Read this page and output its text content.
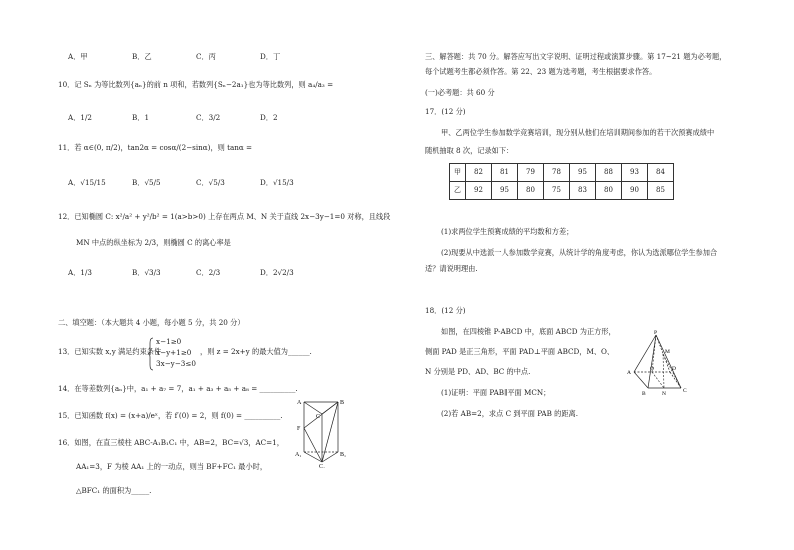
A．甲	B．乙	C．丙	D．丁
10．记 Sₙ 为等比数列{aₙ}的前 n 项和，若数列{Sₙ−2a₁}也为等比数列，则 a₄/a₃ =
A．1/2	B．1	C．3/2	D．2
11．若 α∈(0, π/2)，tan2α = cosα/(2−sinα)，则 tanα =
A．√15/15	B．√5/5	C．√5/3	D．√15/3
12．已知椭圆 C: x²/a² + y²/b² = 1(a>b>0) 上存在两点 M、N 关于直线 2x−3y−1=0 对称，且线段
MN 中点的纵坐标为 2/3，则椭圆 C 的离心率是
A．1/3	B．√3/3	C．2/3	D．2√2/3
二、填空题：（本大题共 4 小题，每小题 5 分，共 20 分）
13．已知实数 x,y 满足约束条件
x−1≥0
x−y+1≥0
3x−y−3≤0
，则 z = 2x+y 的最大值为______.
14．在等差数列{aₙ}中，a₁ + a₇ = 7，a₁ + a₃ + a₅ + a₈ = __________.
15．已知函数 f(x) = (x+a)/eˣ，若 f′(0) = 2，则 f(0) = __________.
16．如图，在直三棱柱 ABC-A₁B₁C₁ 中，AB=2，BC=√3，AC=1，
AA₁=3，F 为棱 AA₁ 上的一动点，则当 BF+FC₁ 最小时，
△BFC₁ 的面积为_____.
A	B
C
F
A₁	B₁
C₁
三、解答题：共 70 分。解答应写出文字说明、证明过程或演算步骤。第 17~21 题为必考题，
每个试题考生都必须作答。第 22、23 题为选考题，考生根据要求作答。
(一)必考题：共 60 分
17．(12 分)
甲、乙两位学生参加数学竞赛培训，现分别从他们在培训期间参加的若干次预赛成绩中
随机抽取 8 次，记录如下：
甲	82	81	79	78	95	88	93	84
乙	92	95	80	75	83	80	90	85
(1)求两位学生预赛成绩的平均数和方差；
(2)现要从中选派一人参加数学竞赛，从统计学的角度考虑，你认为选派哪位学生参加合
适？请说明理由.
18．(12 分)
如图，在四棱锥 P-ABCD 中，底面 ABCD 为正方形，
侧面 PAD 是正三角形，平面 PAD⊥平面 ABCD，M、O、
N 分别是 PD、AD、BC 的中点.
(1)证明：平面 PAB∥平面 MCN；
(2)若 AB=2，求点 C 到平面 PAB 的距离.
P
A
B	C
D
M
N
O
